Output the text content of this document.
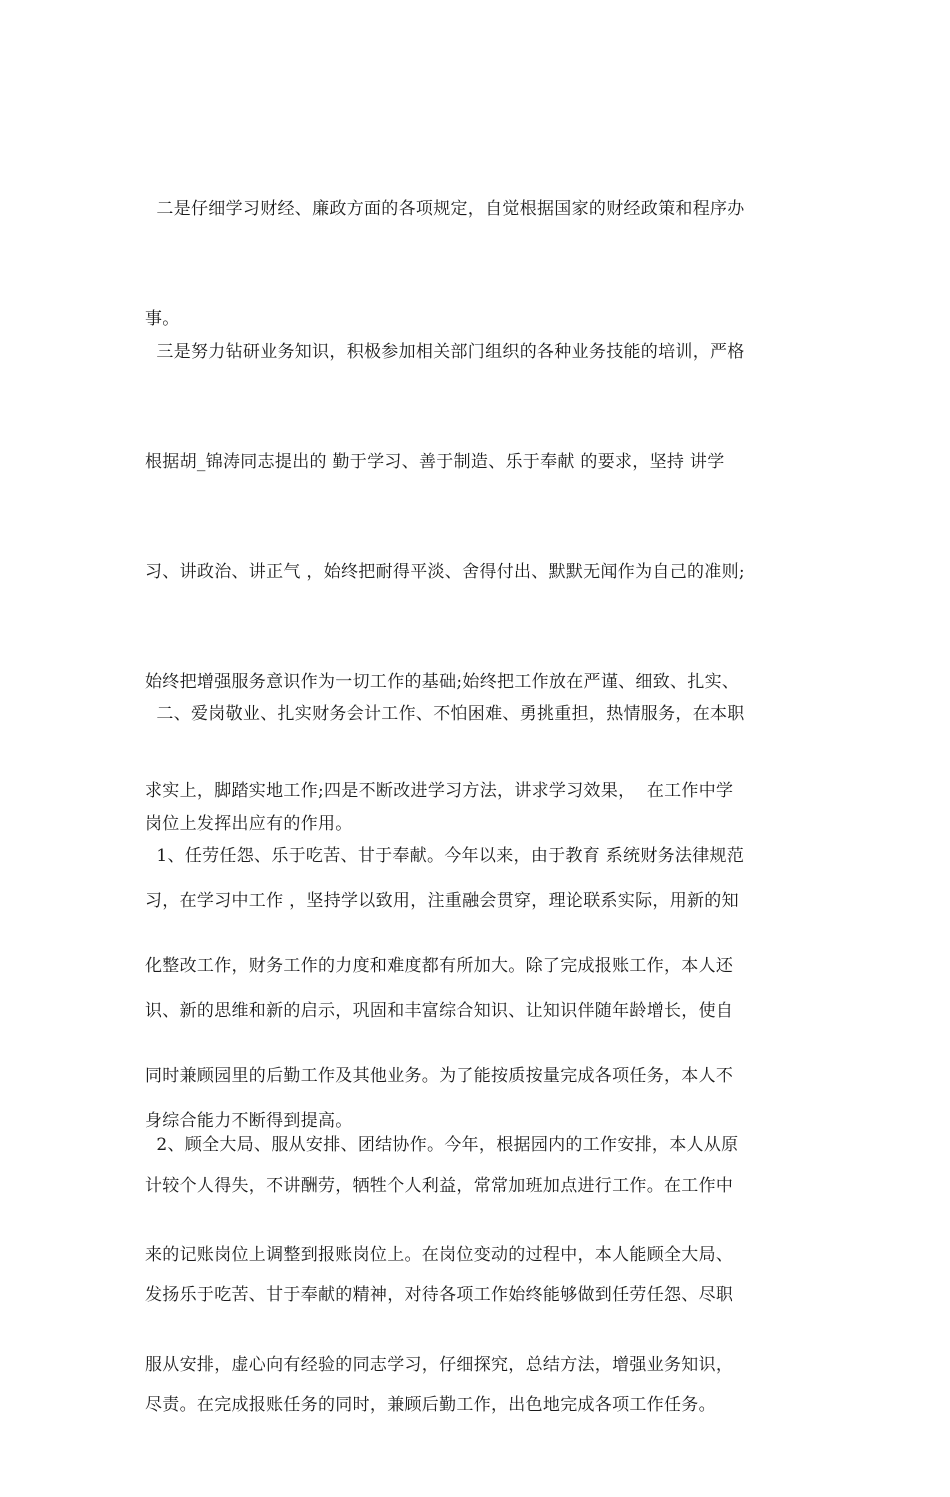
二是仔细学习财经、廉政方面的各项规定，自觉根据国家的财经政策和程序办

事。

三是努力钻研业务知识，积极参加相关部门组织的各种业务技能的培训，严格

根据胡_锦涛同志提出的 勤于学习、善于制造、乐于奉献 的要求，坚持 讲学

习、讲政治、讲正气 ，始终把耐得平淡、舍得付出、默默无闻作为自己的准则;

始终把增强服务意识作为一切工作的基础;始终把工作放在严谨、细致、扎实、

求实上，脚踏实地工作;四是不断改进学习方法，讲求学习效果，  在工作中学

习，在学习中工作 ，坚持学以致用，注重融会贯穿，理论联系实际，用新的知

识、新的思维和新的启示，巩固和丰富综合知识、让知识伴随年龄增长，使自

身综合能力不断得到提高。

二、爱岗敬业、扎实财务会计工作、不怕困难、勇挑重担，热情服务，在本职

岗位上发挥出应有的作用。

1、任劳任怨、乐于吃苦、甘于奉献。今年以来，由于教育 系统财务法律规范

化整改工作，财务工作的力度和难度都有所加大。除了完成报账工作，本人还

同时兼顾园里的后勤工作及其他业务。为了能按质按量完成各项任务，本人不

计较个人得失，不讲酬劳，牺牲个人利益，常常加班加点进行工作。在工作中

发扬乐于吃苦、甘于奉献的精神，对待各项工作始终能够做到任劳任怨、尽职

尽责。在完成报账任务的同时，兼顾后勤工作，出色地完成各项工作任务。

2、顾全大局、服从安排、团结协作。今年，根据园内的工作安排，本人从原

来的记账岗位上调整到报账岗位上。在岗位变动的过程中，本人能顾全大局、

服从安排，虚心向有经验的同志学习，仔细探究，总结方法，增强业务知识，
